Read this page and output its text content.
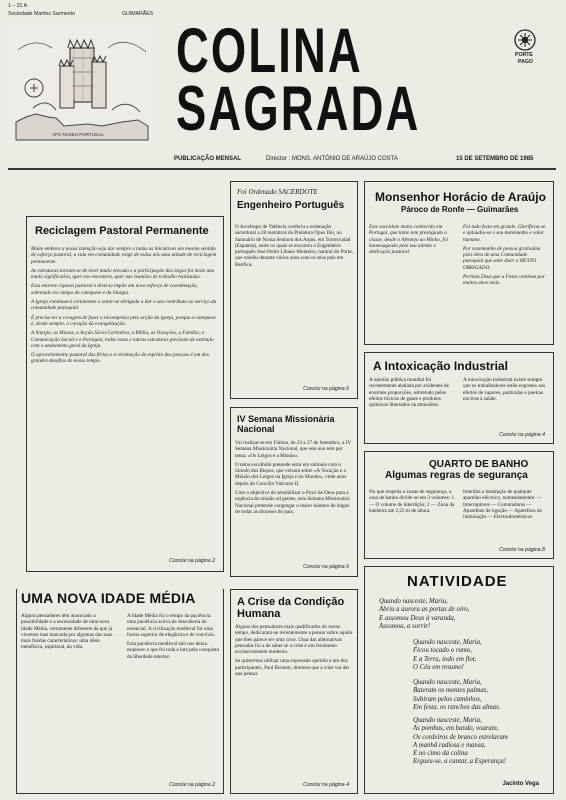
1 – 31 A
Sociedade Martins Sarmento	GUIMARÃES
APÚ NASEU PORTUGAL
COLINA
SAGRADA
PORTE
PAGO
PUBLICAÇÃO MENSAL	Director : MONS. ANTÓNIO DE ARAÚJO COSTA	15 DE SETEMBRO DE 1985
Reciclagem Pastoral Permanente
Muito embora a nossa intenção seja dar sempre a todas as iniciativas um mesmo sentido de esforço pastoral, a vida em comunidade exige de todos nós uma atitude de reciclagem permanente.
As estruturas tornam-se de nível muito elevado e a participação dos leigos foi neste ano muito significativa, quer nos encontros, quer nas reuniões de trabalho realizadas.
Esta enorme riqueza pastoral e diversa impõe um novo esforço de coordenação, sobretudo no campo da catequese e da liturgia.
A Igreja continuará certamente a sentir-se obrigada a dar o seu contributo ao serviço da comunidade paroquial.
É preciso ter a coragem de fazer a recompensa pela acção da Igreja, porque a catequese é, desde sempre, o coração da evangelização.
A liturgia, as Missas, a Acção Sócio-Caritativa, a Bíblia, as Vocações, a Família, a Comunicação Social e a Paróquia, todas estas e outras estruturas precisam de estímulo com o andamento geral da Igreja.
O aproveitamento pastoral das férias e a orientação de espírito das pessoas é um dos grandes desafios do nosso tempo.
Conclui na página 2
Foi Ordenado SACERDOTE
Engenheiro Português
O Arcebispo de Valência conferiu a ordenação sacerdotal a 28 membros da Prelatura Opus Dei, no Santuário de Nossa Senhora dos Anjos, em Torreciudad (Espanha), entre os quais se encontra o Engenheiro português José Pedro Líbano Monteiro, natural do Porto, que residiu durante vários anos com os seus pais em Benfica.
Conclui na página 6
Monsenhor Horácio de Araújo
Pároco de Ronfe — Guimarães
Este sacerdote muito conhecido em Portugal, que tanto tem prestigiado a classe, desde o Alentejo ao Minho, foi homenageado pelo seu talento e dedicação pastoral.
Foi tudo festa em grande. Glorificou-se e aplaudiu-se o seu testemunho e valor humano.
Por testemunho de pessoa gratíssima pela obra de uma Comunidade paroquial que sabe dizer o MUITO OBRIGADO.
Permita Deus que a Festa continue por muitos anos mais.
IV Semana Missionária Nacional
Vai realizar-se em Fátima, de 23 a 27 de Setembro, a IV Semana Missionária Nacional, que este ano tem por tema: «Os Leigos e a Missão».
O tema escolhido pretende estar em sintonia com o Sínodo dos Bispos, que versará sobre «A Vocação e a Missão dos Leigos na Igreja e no Mundo», vinte anos depois do Concílio Vaticano II.
Com o objectivo de sensibilizar o Povo de Deus para a urgência da missão ad gentes, esta Semana Missionária Nacional pretende congregar o maior número de leigos de todas as dioceses do país.
Conclui na página 6
A Intoxicação Industrial
A opinião pública mundial foi recentemente abalada por acidentes de enormes proporções, sobretudo pelos efeitos tóxicos de gases e produtos químicos libertados na atmosfera.
A intoxicação industrial existe sempre que os trabalhadores estão expostos aos efeitos de vapores, partículas e poeiras nocivas à saúde.
Conclui na página 4
QUARTO DE BANHO
Algumas regras de segurança
No que respeita a zonas de segurança, a casa de banho divide-se em 3 volumes: 1 — O volume de interdição; 2 — Zona da banheira até 2,25 m de altura.
Interdita a instalação de qualquer aparelho eléctrico, nomeadamente: — Interruptores — Comutadores — Aparelhos de ligação — Aparelhos de iluminação — Electrodomésticos
Conclui na página 8
UMA NOVA IDADE MÉDIA
Alguns pensadores têm anunciado a possibilidade e a necessidade de uma nova Idade Média, certamente diferente da que já vivemos mas marcada por algumas das suas mais fundas características: uma ideia metafísica, espiritual, da vida.
A Idade Média foi o tempo da paciência: uma paciência activa de descoberta do essencial. A civilização medieval foi uma forma superior de elegância e de convívio.
Esta paciência medieval não nos deixa esquecer o que foi toda a luta pela conquista da liberdade interior.
Conclui na página 2
A Crise da Condição Humana
Alguns dos pensadores mais qualificados do nosso tempo, dedicaram-se recentemente a pensar sobre aquilo que lhes parece ser uma crise. Uma das alternativas pensadas foi a de saber se a crise é um fenómeno exclusivamente moderno.
Se quisermos utilizar uma expressão querida a um dos participantes, Paul Ricoeur, diremos que a crise vai dar que pensar.
Conclui na página 4
NATIVIDADE
Quando nasceste, Maria,
Abriu a aurora as portas de oiro,
E assomou Deus à varanda,
Assomou, a sorrir!
Quando nasceste, Maria,
Ficou tocado o rumo,
E a Terra, todo em flor,
O Céu em resumo!
Quando nasceste, Maria,
Bateram os montes palmas,
Subiram pelos caminhos,
Em festa, os ranchos das almas.
Quando nasceste, Maria,
As pombas, em bando, voaram,
Os cordeiros de branco estrelaram
A manhã radiosa e mansa,
E no cimo da colina
Ergueu-se, a cantar, a Esperança!
Jacinto Vega
